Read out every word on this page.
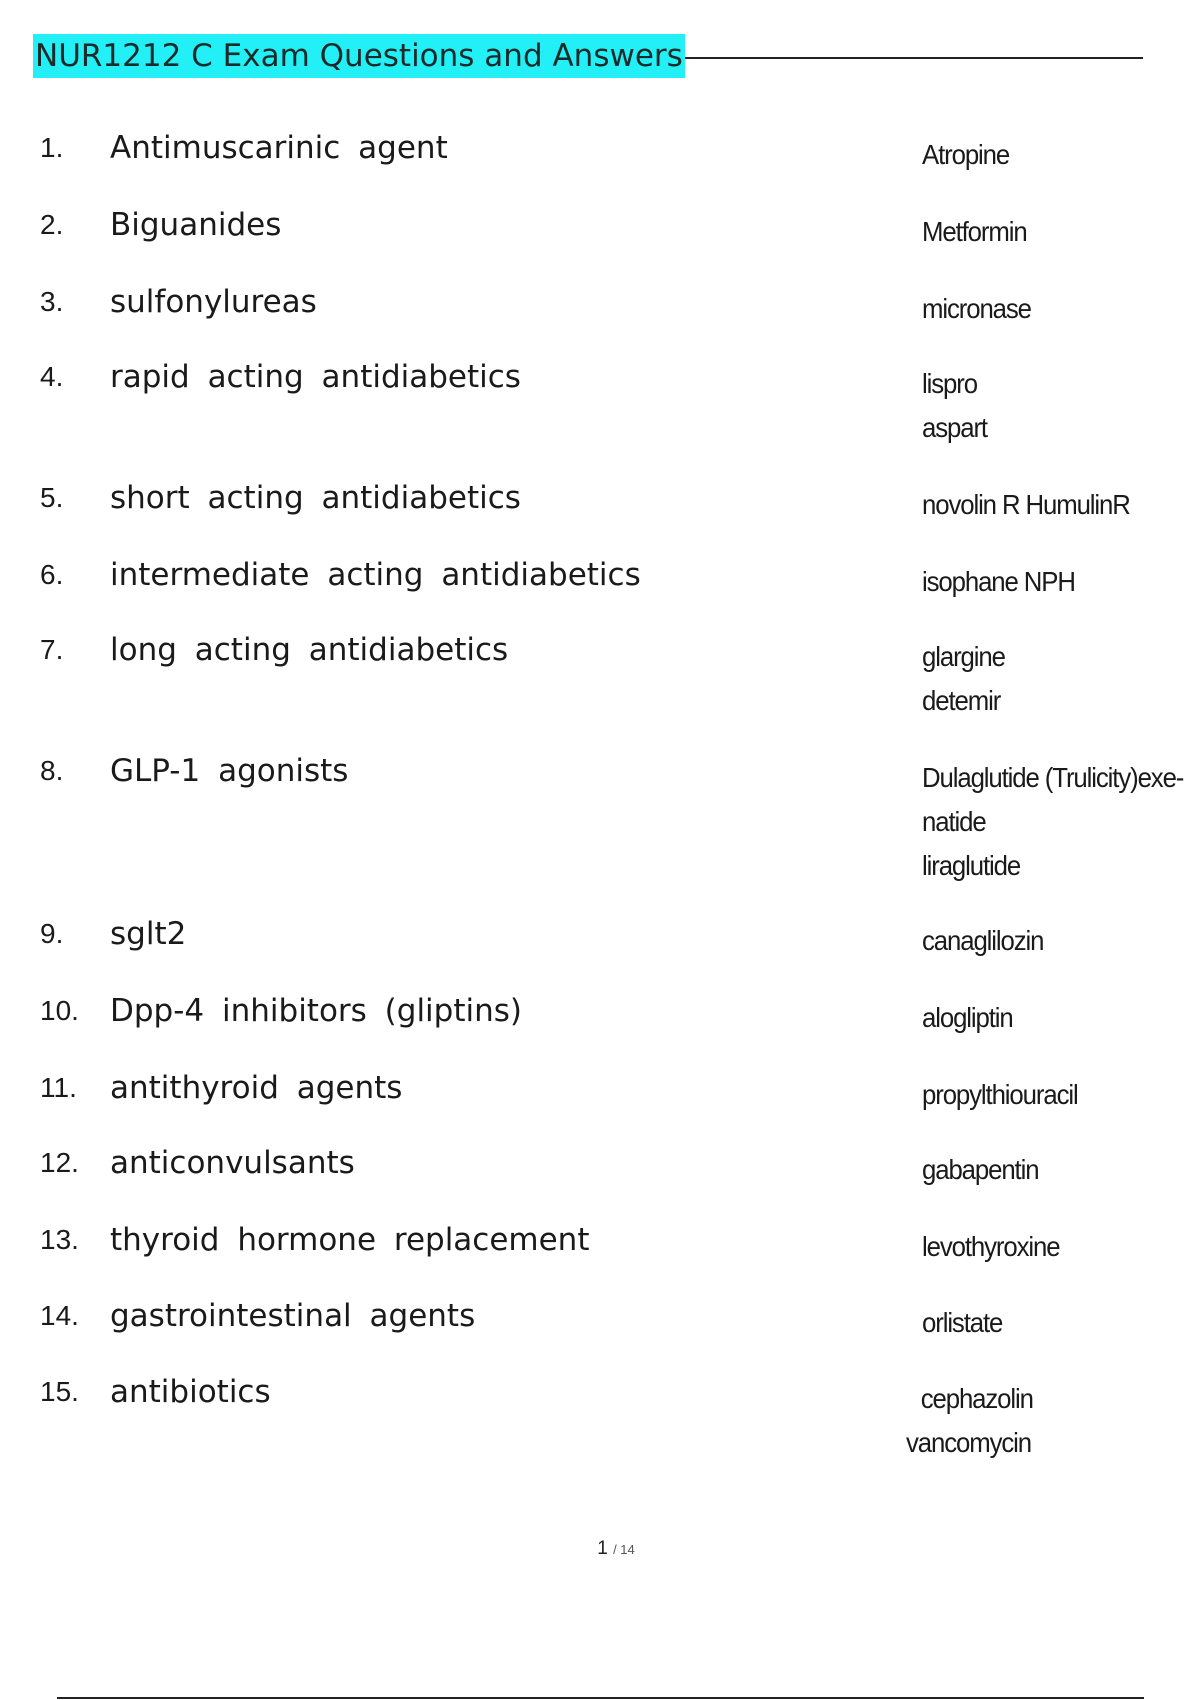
NUR1212 C Exam Questions and Answers
1. Antimuscarinic agent	Atropine
2. Biguanides	Metformin
3. sulfonylureas	micronase
4. rapid acting antidiabetics	lispro
aspart
5. short acting antidiabetics	novolin R HumulinR
6. intermediate acting antidiabetics	isophane NPH
7. long acting antidiabetics	glargine
detemir
8. GLP-1 agonists	Dulaglutide (Trulicity)exe-
natide
liraglutide
9. sglt2	canaglilozin
10. Dpp-4 inhibitors (gliptins)	alogliptin
11. antithyroid agents	propylthiouracil
12. anticonvulsants	gabapentin
13. thyroid hormone replacement	levothyroxine
14. gastrointestinal agents	orlistate
15. antibiotics	cephazolin
vancomycin
1 / 14
